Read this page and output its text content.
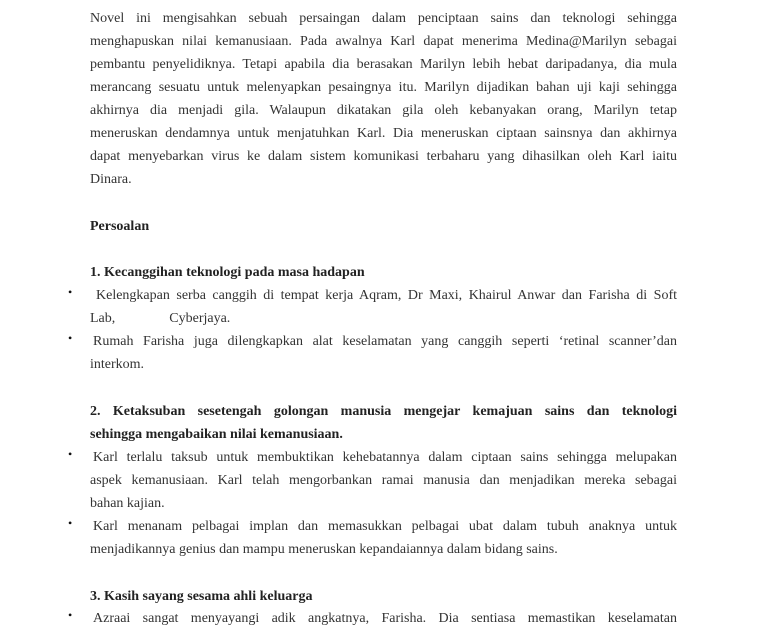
Novel ini mengisahkan sebuah persaingan dalam penciptaan sains dan teknologi sehingga
menghapuskan nilai kemanusiaan. Pada awalnya Karl dapat menerima Medina@Marilyn sebagai
pembantu penyelidiknya. Tetapi apabila dia berasakan Marilyn lebih hebat daripadanya, dia mula
merancang sesuatu untuk melenyapkan pesaingnya itu. Marilyn dijadikan bahan uji kaji sehingga
akhirnya dia menjadi gila. Walaupun dikatakan gila oleh kebanyakan orang, Marilyn tetap
meneruskan dendamnya untuk menjatuhkan Karl. Dia meneruskan ciptaan sainsnya dan akhirnya
dapat menyebarkan virus ke dalam sistem komunikasi terbaharu yang dihasilkan oleh Karl iaitu
Dinara.
Persoalan
1. Kecanggihan teknologi pada masa hadapan
•	Kelengkapan serba canggih di tempat kerja Aqram, Dr Maxi, Khairul Anwar dan Farisha di Soft
Lab,	Cyberjaya.
•	Rumah Farisha juga dilengkapkan alat keselamatan yang canggih seperti ‘retinal scanner’dan
interkom.
2. Ketaksuban sesetengah golongan manusia mengejar kemajuan sains dan teknologi
sehingga mengabaikan nilai kemanusiaan.
•	Karl terlalu taksub untuk membuktikan kehebatannya dalam ciptaan sains sehingga melupakan
aspek kemanusiaan. Karl telah mengorbankan ramai manusia dan menjadikan mereka sebagai
bahan kajian.
•	Karl menanam pelbagai implan dan memasukkan pelbagai ubat dalam tubuh anaknya untuk
menjadikannya genius dan mampu meneruskan kepandaiannya dalam bidang sains.
3. Kasih sayang sesama ahli keluarga
•	Azraai sangat menyayangi adik angkatnya, Farisha. Dia sentiasa memastikan keselamatan
